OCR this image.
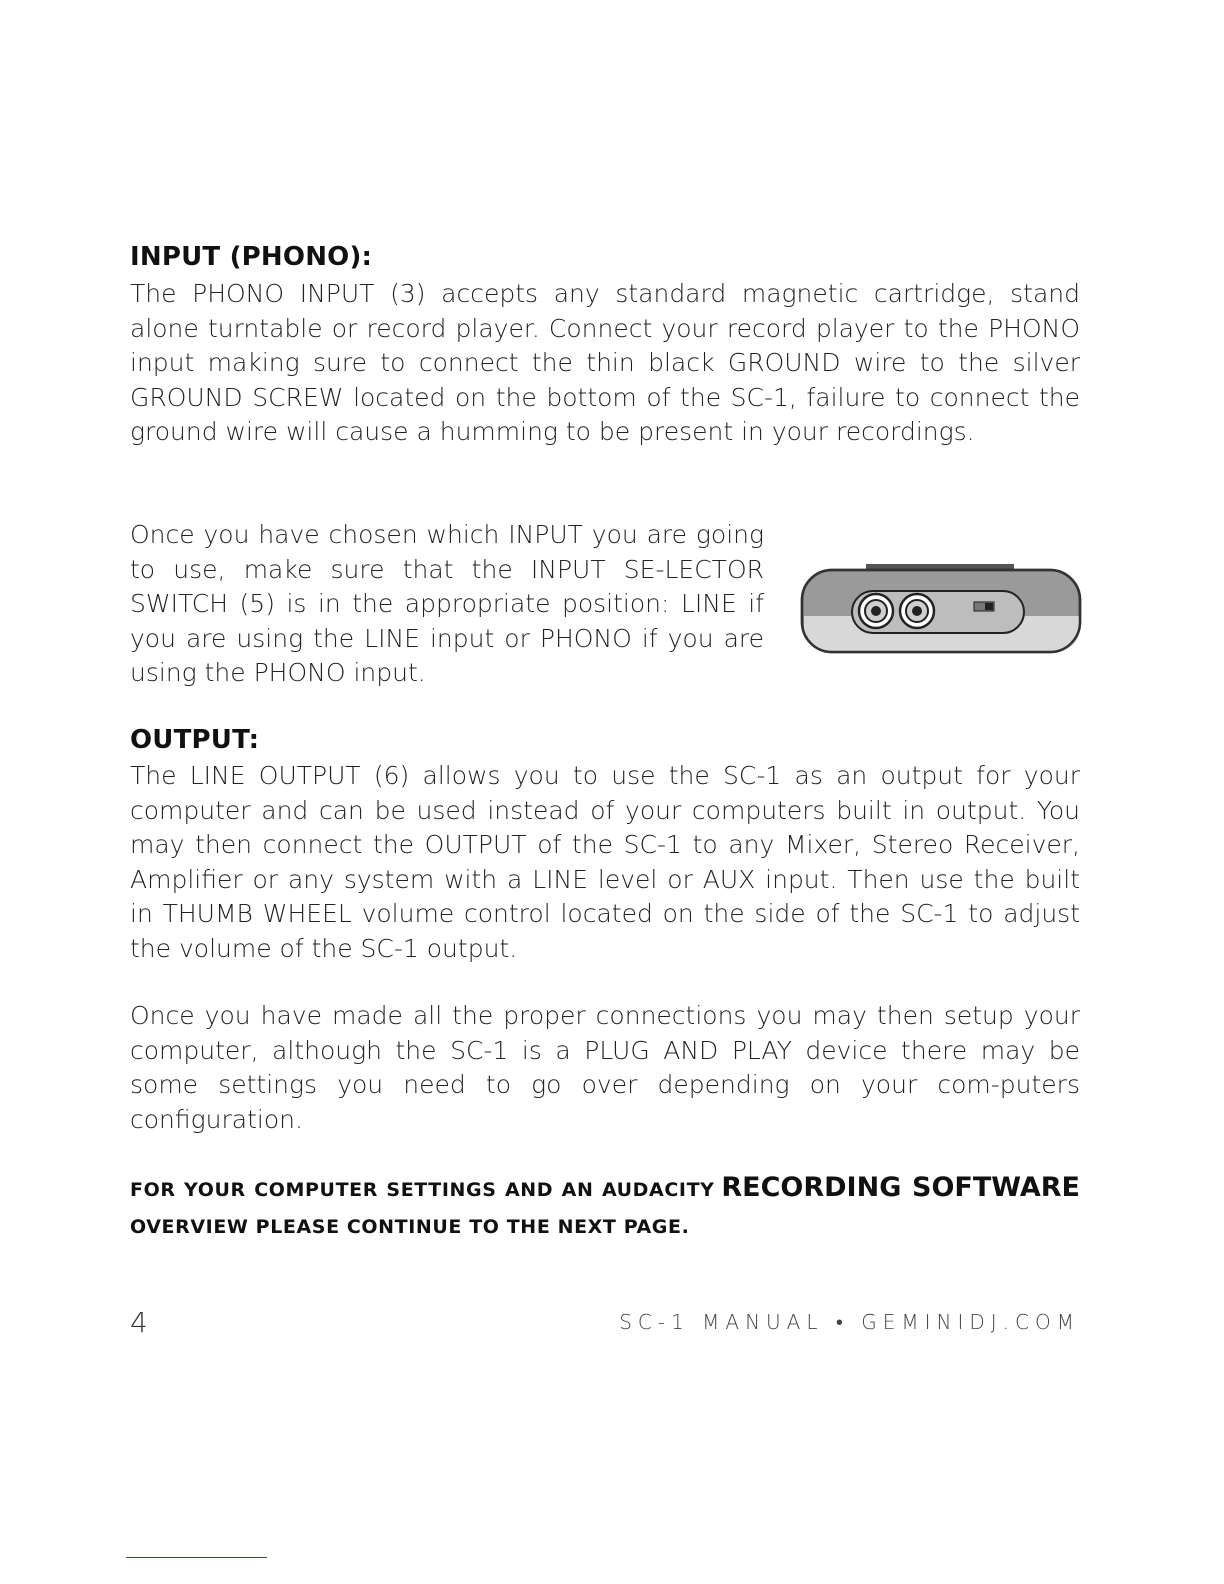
INPUT (PHONO):
The PHONO INPUT (3) accepts any standard magnetic cartridge, stand alone turntable or record player. Connect your record player to the PHONO input making sure to connect the thin black GROUND wire to the silver GROUND SCREW located on the bottom of the SC-1, failure to connect the ground wire will cause a humming to be present in your recordings.
Once you have chosen which INPUT you are going to use, make sure that the INPUT SE-LECTOR SWITCH (5) is in the appropriate position: LINE if you are using the LINE input or PHONO if you are using the PHONO input.
OUTPUT:
The LINE OUTPUT (6) allows you to use the SC-1 as an output for your computer and can be used instead of your computers built in output. You may then connect the OUTPUT of the SC-1 to any Mixer, Stereo Receiver, Amplifier or any system with a LINE level or AUX input. Then use the built in THUMB WHEEL volume control located on the side of the SC-1 to adjust the volume of the SC-1 output.
Once you have made all the proper connections you may then setup your computer, although the SC-1 is a PLUG AND PLAY device there may be some settings you need to go over depending on your com-puters configuration.
FOR YOUR COMPUTER SETTINGS AND AN AUDACITY RECORDING SOFTWARE OVERVIEW PLEASE CONTINUE TO THE NEXT PAGE.
4	SC-1 MANUAL • GEMINIDJ.COM
